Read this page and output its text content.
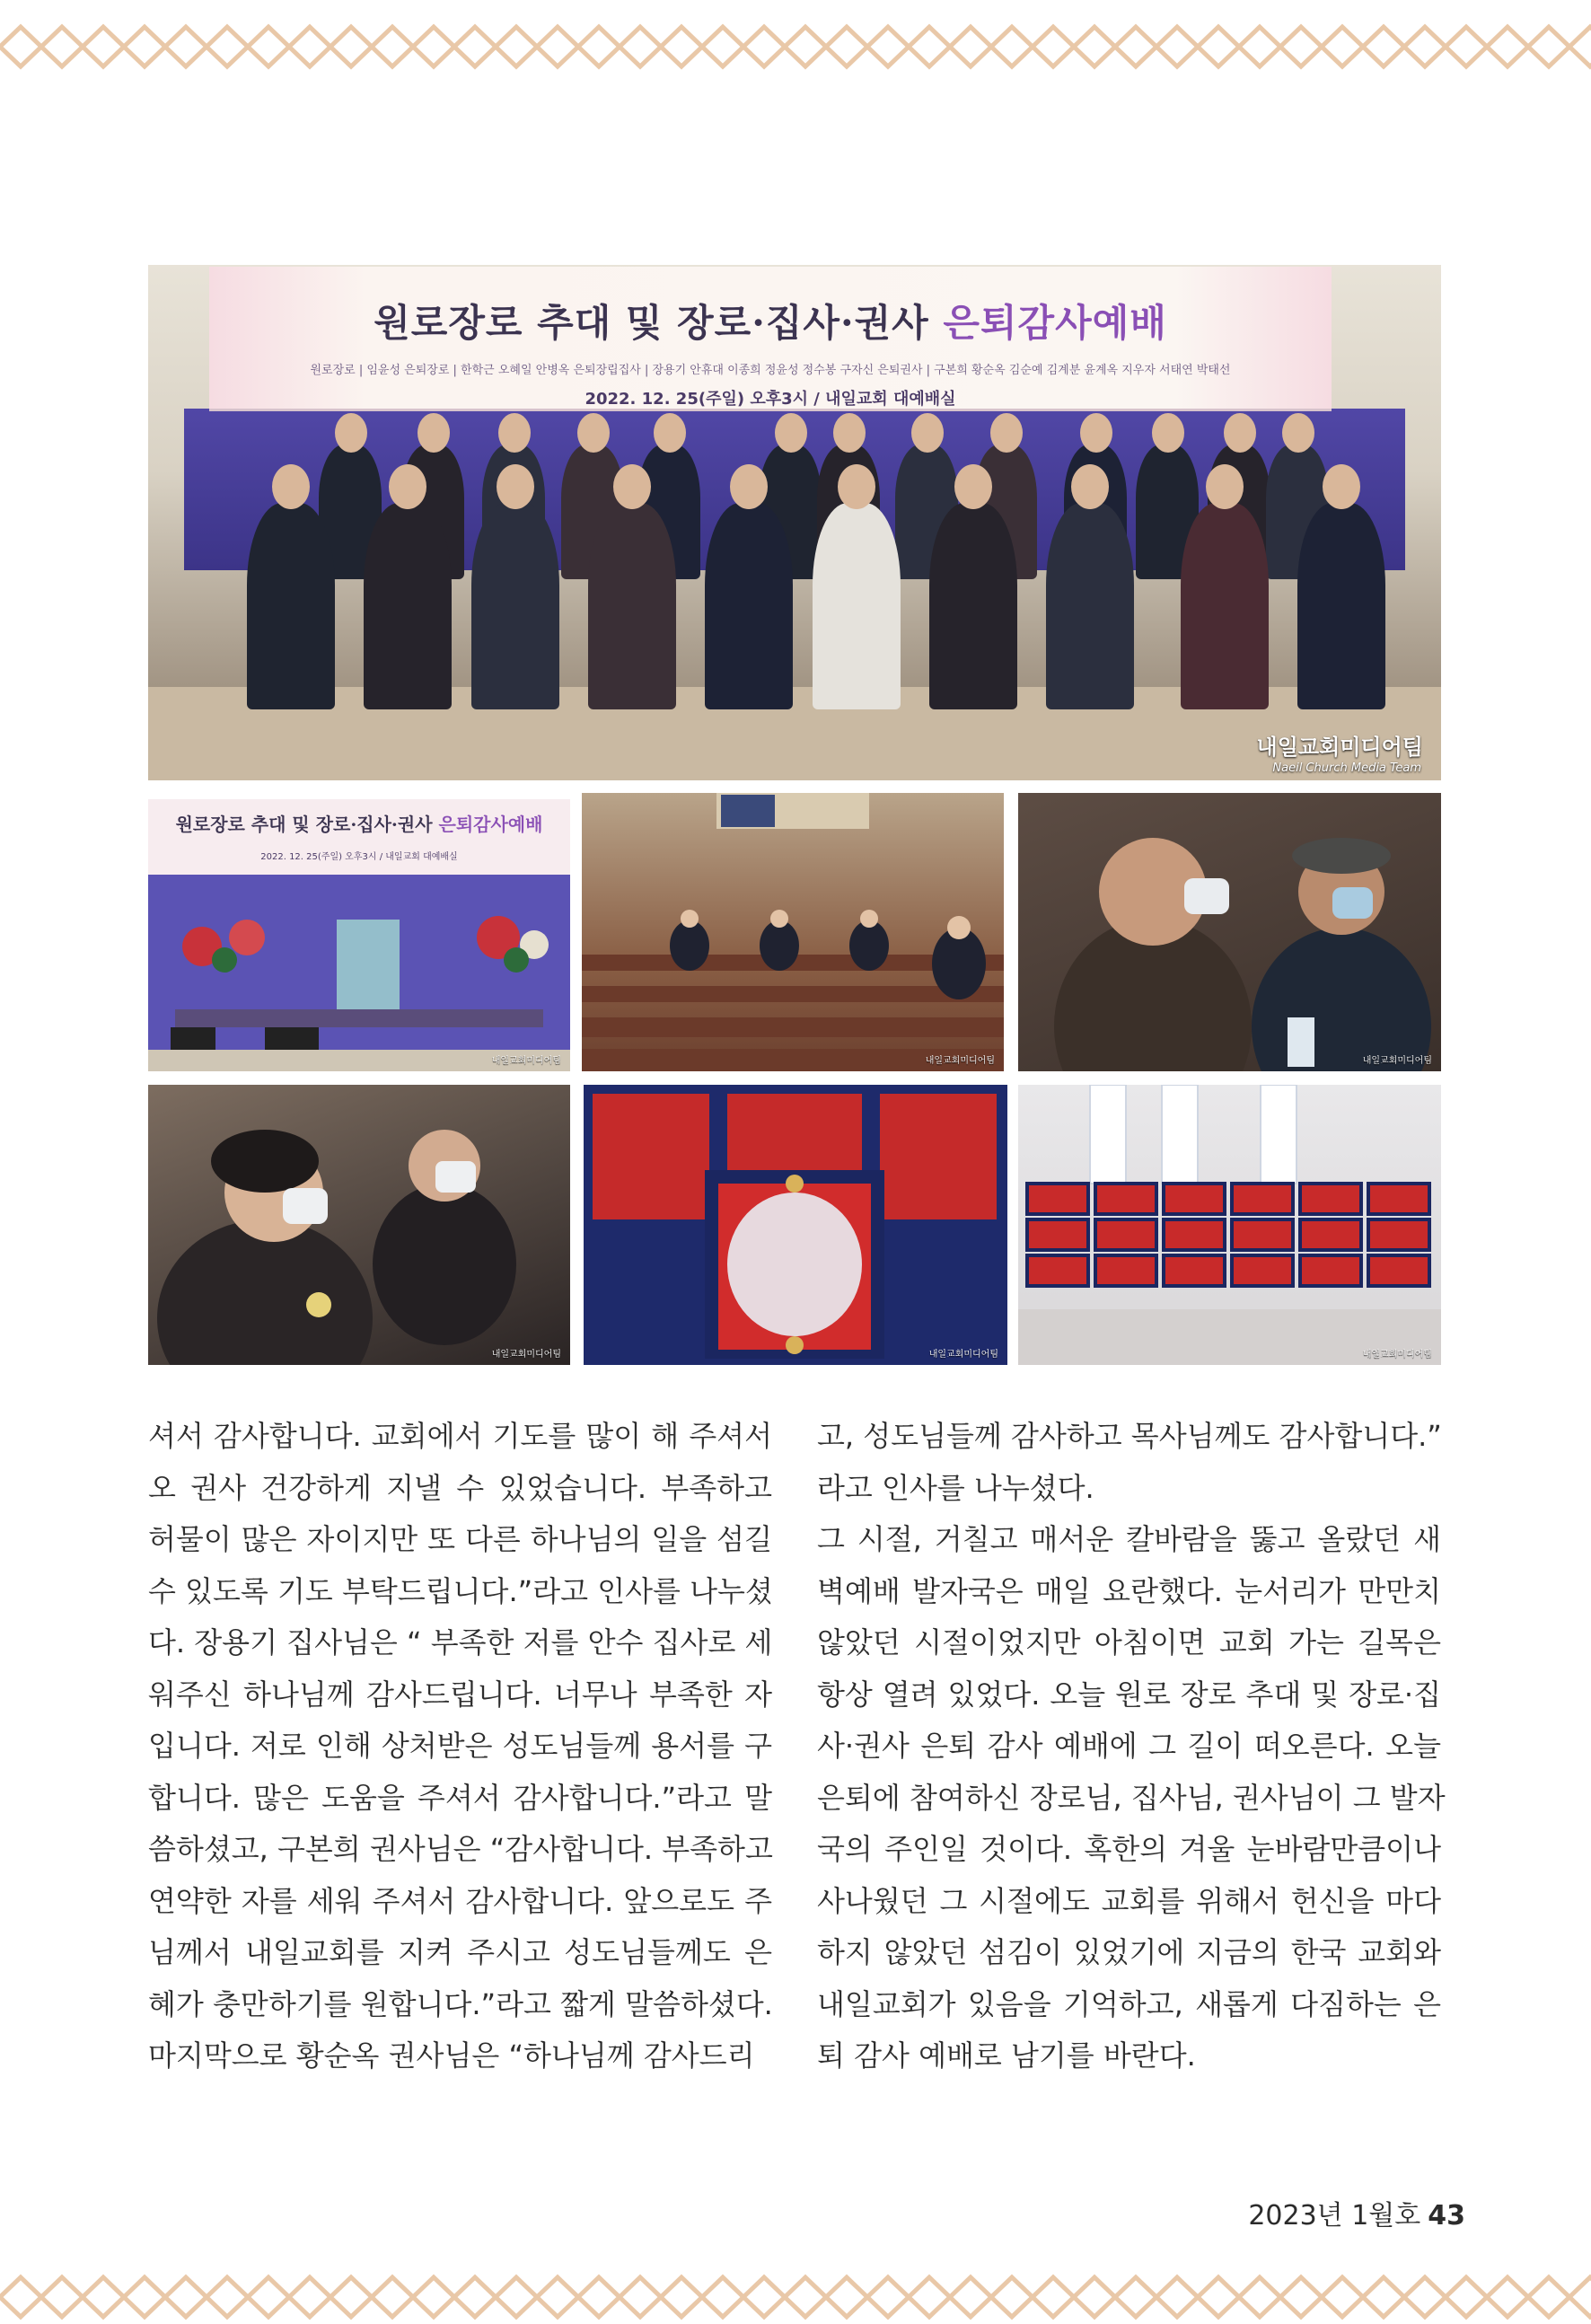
원로장로 추대 및 장로·집사·권사 은퇴감사예배
원로장로 | 임윤성 은퇴장로 | 한학근 오혜일 안병옥 은퇴장립집사 | 장용기 안휴대 이종희 정윤성 정수봉 구자신 은퇴권사 | 구본희 황순옥 김순예 김계분 윤계옥 지우자 서태연 박태선
2022. 12. 25(주일) 오후3시 / 내일교회 대예배실
내일교회미디어팀
Naeil Church Media Team
원로장로 추대 및 장로·집사·권사 은퇴감사예배
2022. 12. 25(주일) 오후3시 / 내일교회 대예배실
내일교회미디어팀	내일교회미디어팀	내일교회미디어팀
내일교회미디어팀	내일교회미디어팀	내일교회미디어팀

셔서 감사합니다. 교회에서 기도를 많이 해 주셔서

오 권사 건강하게 지낼 수 있었습니다. 부족하고

허물이 많은 자이지만 또 다른 하나님의 일을 섬길

수 있도록 기도 부탁드립니다.”라고 인사를 나누셨

다. 장용기 집사님은 “ 부족한 저를 안수 집사로 세

워주신 하나님께 감사드립니다. 너무나 부족한 자

입니다. 저로 인해 상처받은 성도님들께 용서를 구

합니다. 많은 도움을 주셔서 감사합니다.”라고 말

씀하셨고, 구본희 권사님은 “감사합니다. 부족하고

연약한 자를 세워 주셔서 감사합니다. 앞으로도 주

님께서 내일교회를 지켜 주시고 성도님들께도 은

혜가 충만하기를 원합니다.”라고 짧게 말씀하셨다.

마지막으로 황순옥 권사님은 “하나님께 감사드리

고, 성도님들께 감사하고 목사님께도 감사합니다.”

라고 인사를 나누셨다.

그 시절, 거칠고 매서운 칼바람을 뚫고 올랐던 새

벽예배 발자국은 매일 요란했다. 눈서리가 만만치

않았던 시절이었지만 아침이면 교회 가는 길목은

항상 열려 있었다. 오늘 원로 장로 추대 및 장로·집

사·권사 은퇴 감사 예배에 그 길이 떠오른다. 오늘

은퇴에 참여하신 장로님, 집사님, 권사님이 그 발자

국의 주인일 것이다. 혹한의 겨울 눈바람만큼이나

사나웠던 그 시절에도 교회를 위해서 헌신을 마다

하지 않았던 섬김이 있었기에 지금의 한국 교회와

내일교회가 있음을 기억하고, 새롭게 다짐하는 은

퇴 감사 예배로 남기를 바란다.

2023년 1월호 43
